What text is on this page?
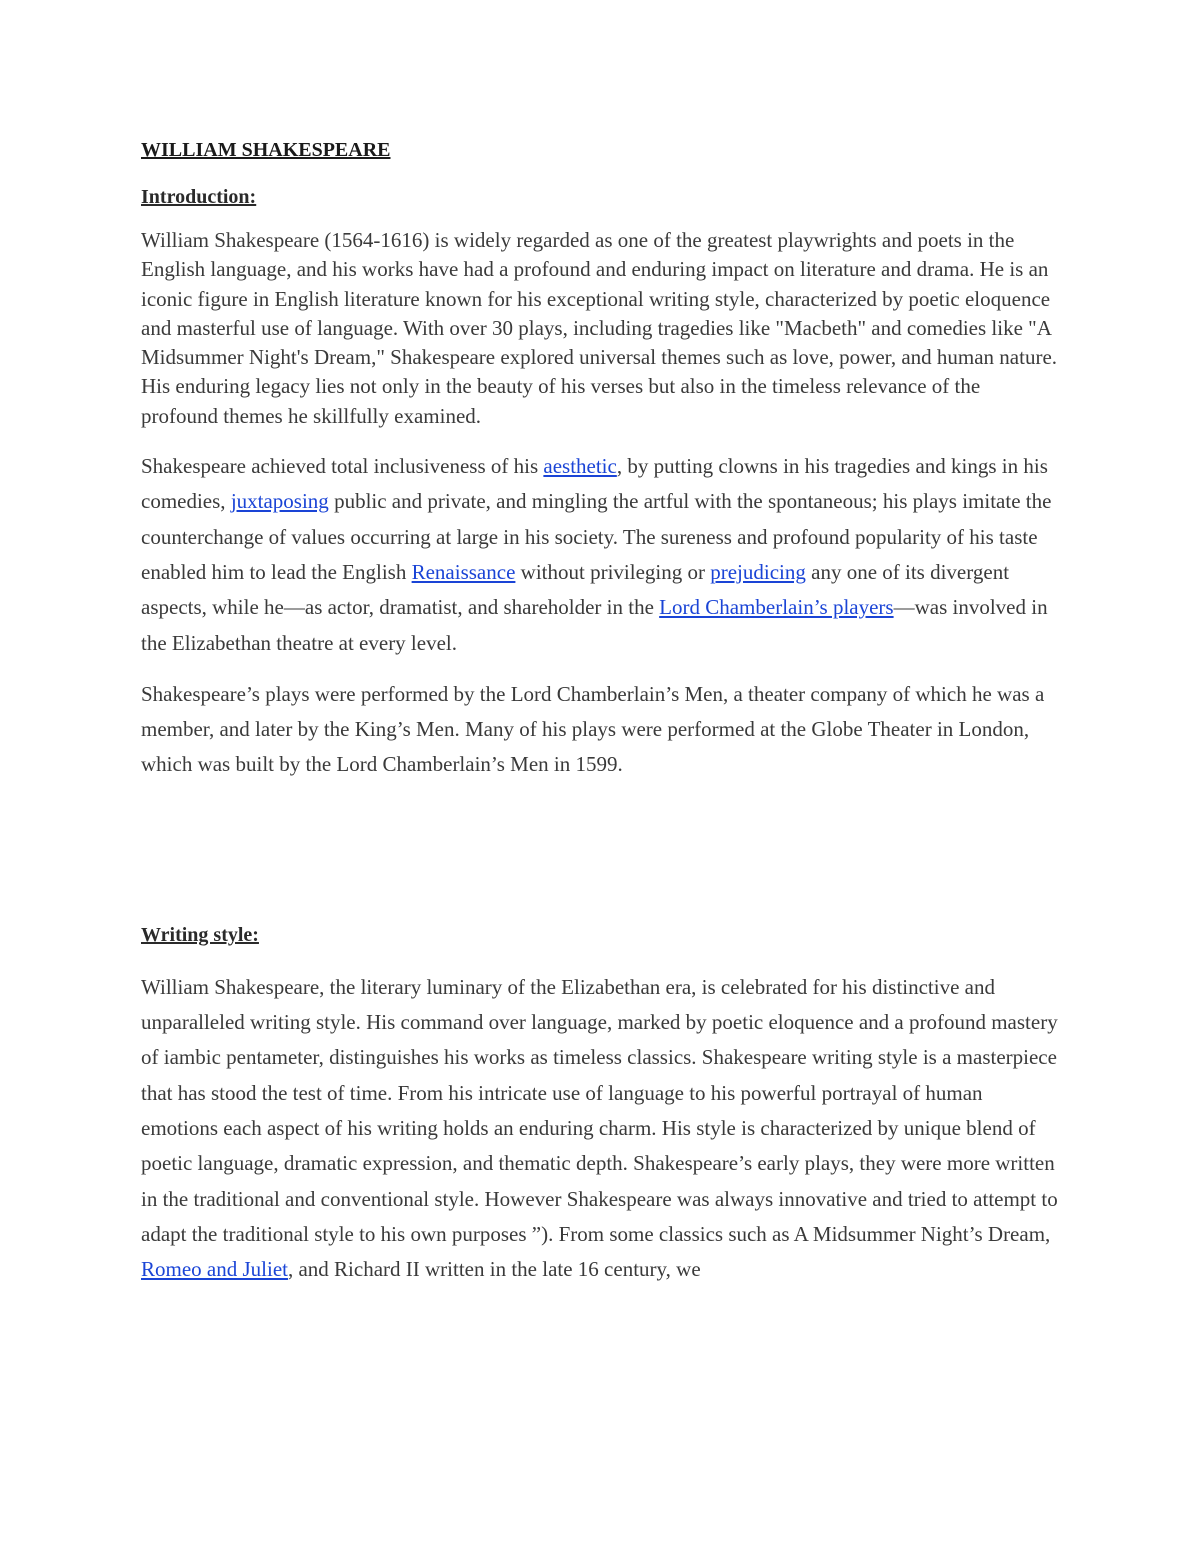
WILLIAM SHAKESPEARE
Introduction:

William Shakespeare (1564-1616) is widely regarded as one of the greatest playwrights and poets in the English language, and his works have had a profound and enduring impact on literature and drama. He is an iconic figure in English literature known for his exceptional writing style, characterized by poetic eloquence and masterful use of language. With over 30 plays, including tragedies like "Macbeth" and comedies like "A Midsummer Night's Dream," Shakespeare explored universal themes such as love, power, and human nature. His enduring legacy lies not only in the beauty of his verses but also in the timeless relevance of the profound themes he skillfully examined.

Shakespeare achieved total inclusiveness of his aesthetic, by putting clowns in his tragedies and kings in his comedies, juxtaposing public and private, and mingling the artful with the spontaneous; his plays imitate the counterchange of values occurring at large in his society. The sureness and profound popularity of his taste enabled him to lead the English Renaissance without privileging or prejudicing any one of its divergent aspects, while he—as actor, dramatist, and shareholder in the Lord Chamberlain’s players—was involved in the Elizabethan theatre at every level.

Shakespeare’s plays were performed by the Lord Chamberlain’s Men, a theater company of which he was a member, and later by the King’s Men. Many of his plays were performed at the Globe Theater in London, which was built by the Lord Chamberlain’s Men in 1599.

Writing style:

William Shakespeare, the literary luminary of the Elizabethan era, is celebrated for his distinctive and unparalleled writing style. His command over language, marked by poetic eloquence and a profound mastery of iambic pentameter, distinguishes his works as timeless classics. Shakespeare writing style is a masterpiece that has stood the test of time. From his intricate use of language to his powerful portrayal of human emotions each aspect of his writing holds an enduring charm. His style is characterized by unique blend of poetic language, dramatic expression, and thematic depth. Shakespeare’s early plays, they were more written in the traditional and conventional style. However Shakespeare was always innovative and tried to attempt to adapt the traditional style to his own purposes ”). From some classics such as A Midsummer Night’s Dream, Romeo and Juliet, and Richard II written in the late 16 century, we
